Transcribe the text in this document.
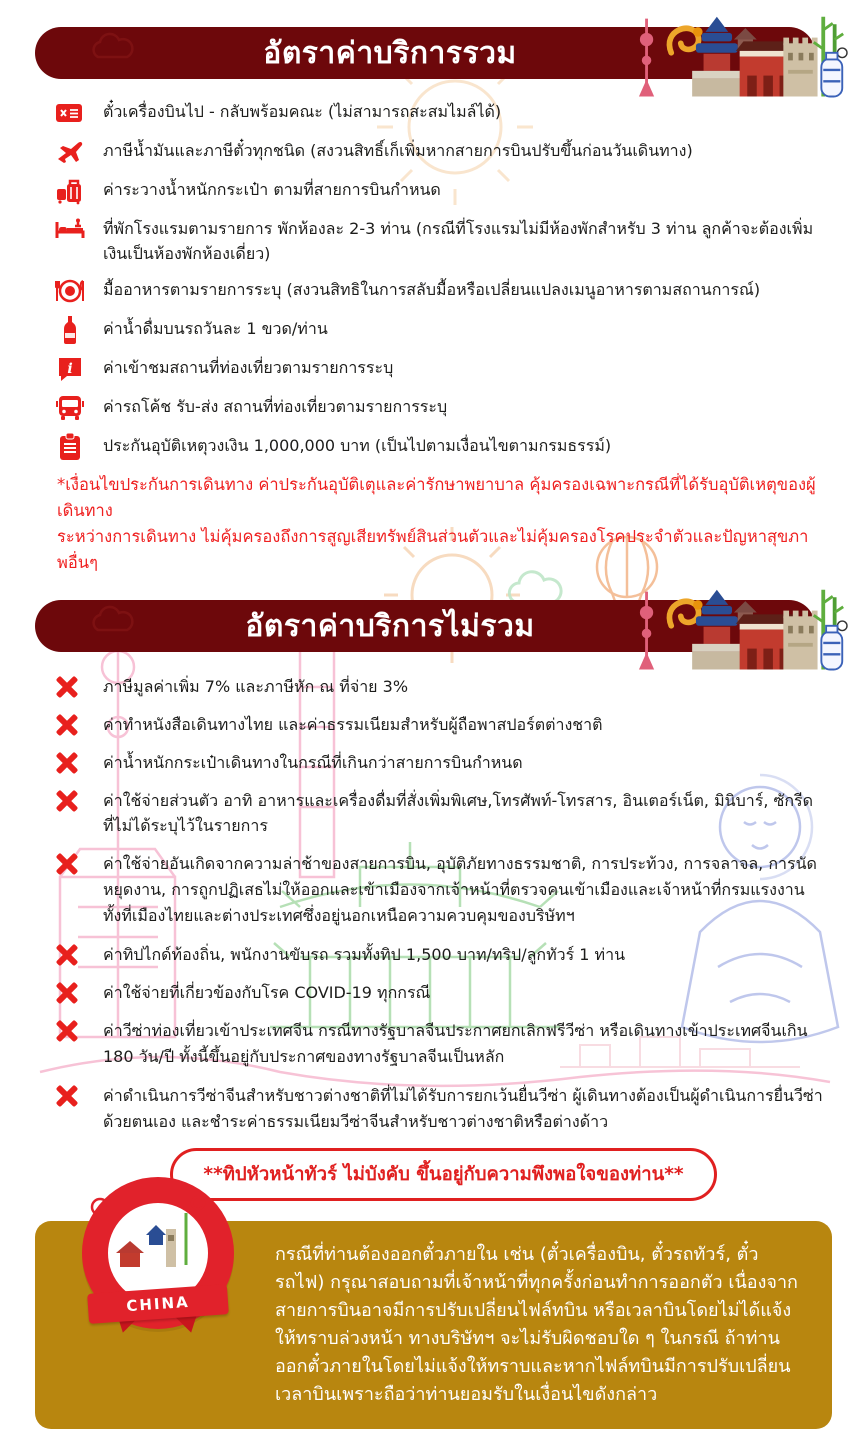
อัตราค่าบริการรวม

ตั๋วเครื่องบินไป - กลับพร้อมคณะ (ไม่สามารถสะสมไมล์ได้)

ภาษีน้ำมันและภาษีตั๋วทุกชนิด (สงวนสิทธิ์เก็เพิ่มหากสายการบินปรับขึ้นก่อนวันเดินทาง)

ค่าระวางน้ำหนักกระเป๋า ตามที่สายการบินกำหนด

ที่พักโรงแรมตามรายการ พักห้องละ 2-3 ท่าน (กรณีที่โรงแรมไม่มีห้องพักสำหรับ 3 ท่าน ลูกค้าจะต้องเพิ่มเงินเป็นห้องพักห้องเดี่ยว)

มื้ออาหารตามรายการระบุ (สงวนสิทธิในการสลับมื้อหรือเปลี่ยนแปลงเมนูอาหารตามสถานการณ์)

ค่าน้ำดื่มบนรถวันละ 1 ขวด/ท่าน

i ค่าเข้าชมสถานที่ท่องเที่ยวตามรายการระบุ

ค่ารถโค้ช รับ-ส่ง สถานที่ท่องเที่ยวตามรายการระบุ

ประกันอุบัติเหตุวงเงิน 1,000,000 บาท (เป็นไปตามเงื่อนไขตามกรมธรรม์)

*เงื่อนไขประกันการเดินทาง ค่าประกันอุบัติเตุและค่ารักษาพยาบาล คุ้มครองเฉพาะกรณีที่ได้รับอุบัติเหตุของผู้เดินทาง
ระหว่างการเดินทาง ไม่คุ้มครองถึงการสูญเสียทรัพย์สินส่วนตัวและไม่คุ้มครองโรคประจำตัวและปัญหาสุขภาพอื่นๆ
อัตราค่าบริการไม่รวม

ภาษีมูลค่าเพิ่ม 7% และภาษีหัก ณ ที่จ่าย 3%

ค่าทำหนังสือเดินทางไทย และค่าธรรมเนียมสำหรับผู้ถือพาสปอร์ตต่างชาติ

ค่าน้ำหนักกระเป๋าเดินทางในกรณีที่เกินกว่าสายการบินกำหนด

ค่าใช้จ่ายส่วนตัว อาทิ อาหารและเครื่องดื่มที่สั่งเพิ่มพิเศษ,โทรศัพท์-โทรสาร, อินเตอร์เน็ต, มินิบาร์, ซักรีดที่ไม่ได้ระบุไว้ในรายการ

ค่าใช้จ่ายอันเกิดจากความล่าช้าของสายการบิน, อุบัติภัยทางธรรมชาติ, การประท้วง, การจลาจล, การนัดหยุดงาน, การถูกปฏิเสธไม่ให้ออกและเข้าเมืองจากเจ้าหน้าที่ตรวจคนเข้าเมืองและเจ้าหน้าที่กรมแรงงานทั้งที่เมืองไทยและต่างประเทศซึ่งอยู่นอกเหนือความควบคุมของบริษัทฯ

ค่าทิปไกด์ท้องถิ่น, พนักงานขับรถ รวมทั้งทิป 1,500 บาท/ทริป/ลูกทัวร์ 1 ท่าน

ค่าใช้จ่ายที่เกี่ยวข้องกับโรค COVID-19 ทุกกรณี

ค่าวีซ่าท่องเที่ยวเข้าประเทศจีน กรณีทางรัฐบาลจีนประกาศยกเลิกฟรีวีซ่า หรือเดินทางเข้าประเทศจีนเกิน 180 วัน/ปี ทั้งนี้ขึ้นอยู่กับประกาศของทางรัฐบาลจีนเป็นหลัก

ค่าดำเนินการวีซ่าจีนสำหรับชาวต่างชาติที่ไม่ได้รับการยกเว้นยื่นวีซ่า ผู้เดินทางต้องเป็นผู้ดำเนินการยื่นวีซ่าด้วยตนเอง และชำระค่าธรรมเนียมวีซ่าจีนสำหรับชาวต่างชาติหรือต่างด้าว

**ทิปหัวหน้าทัวร์ ไม่บังคับ ขึ้นอยู่กับความพึงพอใจของท่าน**
CHINA
กรณีที่ท่านต้องออกตั๋วภายใน เช่น (ตั๋วเครื่องบิน, ตั๋วรถทัวร์, ตั๋วรถไฟ) กรุณาสอบถามที่เจ้าหน้าที่ทุกครั้งก่อนทำการออกตัว เนื่องจากสายการบินอาจมีการปรับเปลี่ยนไฟล์ทบิน หรือเวลาบินโดยไม่ได้แจ้งให้ทราบล่วงหน้า ทางบริษัทฯ จะไม่รับผิดชอบใด ๆ ในกรณี ถ้าท่านออกตั๋วภายในโดยไม่แจ้งให้ทราบและหากไฟล์ทบินมีการปรับเปลี่ยนเวลาบินเพราะถือว่าท่านยอมรับในเงื่อนไขดังกล่าว
